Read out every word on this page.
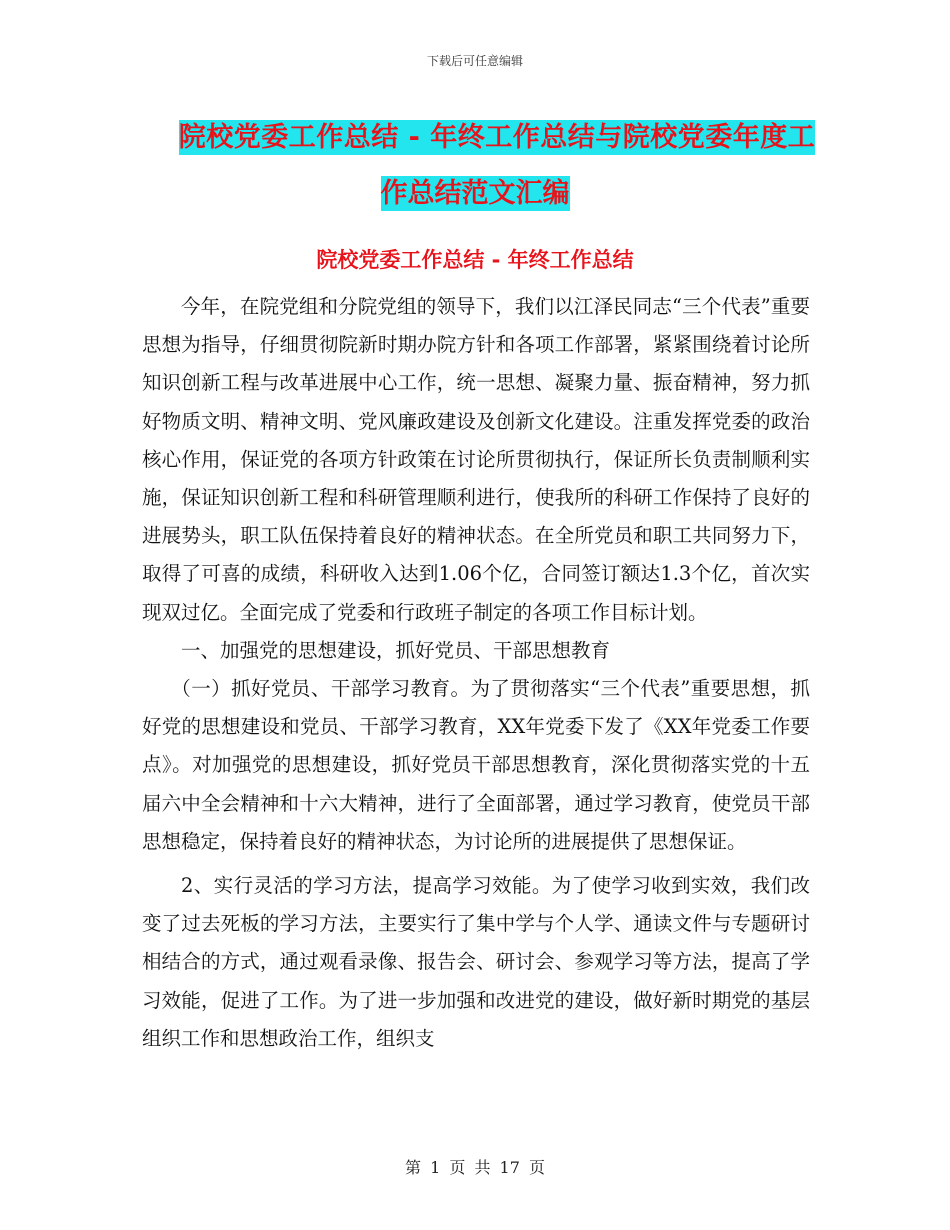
下载后可任意编辑
院校党委工作总结 - 年终工作总结与院校党委年度工
作总结范文汇编
院校党委工作总结 - 年终工作总结

今年，在院党组和分院党组的领导下，我们以江泽民同志“三个代表”重要思想为指导，仔细贯彻院新时期办院方针和各项工作部署，紧紧围绕着讨论所知识创新工程与改革进展中心工作，统一思想、凝聚力量、振奋精神，努力抓好物质文明、精神文明、党风廉政建设及创新文化建设。注重发挥党委的政治核心作用，保证党的各项方针政策在讨论所贯彻执行，保证所长负责制顺利实施，保证知识创新工程和科研管理顺利进行，使我所的科研工作保持了良好的进展势头，职工队伍保持着良好的精神状态。在全所党员和职工共同努力下，取得了可喜的成绩，科研收入达到1.06个亿，合同签订额达1.3个亿，首次实现双过亿。全面完成了党委和行政班子制定的各项工作目标计划。

一、加强党的思想建设，抓好党员、干部思想教育

（一）抓好党员、干部学习教育。为了贯彻落实“三个代表”重要思想，抓好党的思想建设和党员、干部学习教育，XX年党委下发了《XX年党委工作要点》。对加强党的思想建设，抓好党员干部思想教育，深化贯彻落实党的十五届六中全会精神和十六大精神，进行了全面部署，通过学习教育，使党员干部思想稳定，保持着良好的精神状态，为讨论所的进展提供了思想保证。

2、实行灵活的学习方法，提高学习效能。为了使学习收到实效，我们改变了过去死板的学习方法，主要实行了集中学与个人学、通读文件与专题研讨相结合的方式，通过观看录像、报告会、研讨会、参观学习等方法，提高了学习效能，促进了工作。为了进一步加强和改进党的建设，做好新时期党的基层组织工作和思想政治工作，组织支

第 1 页 共 17 页
